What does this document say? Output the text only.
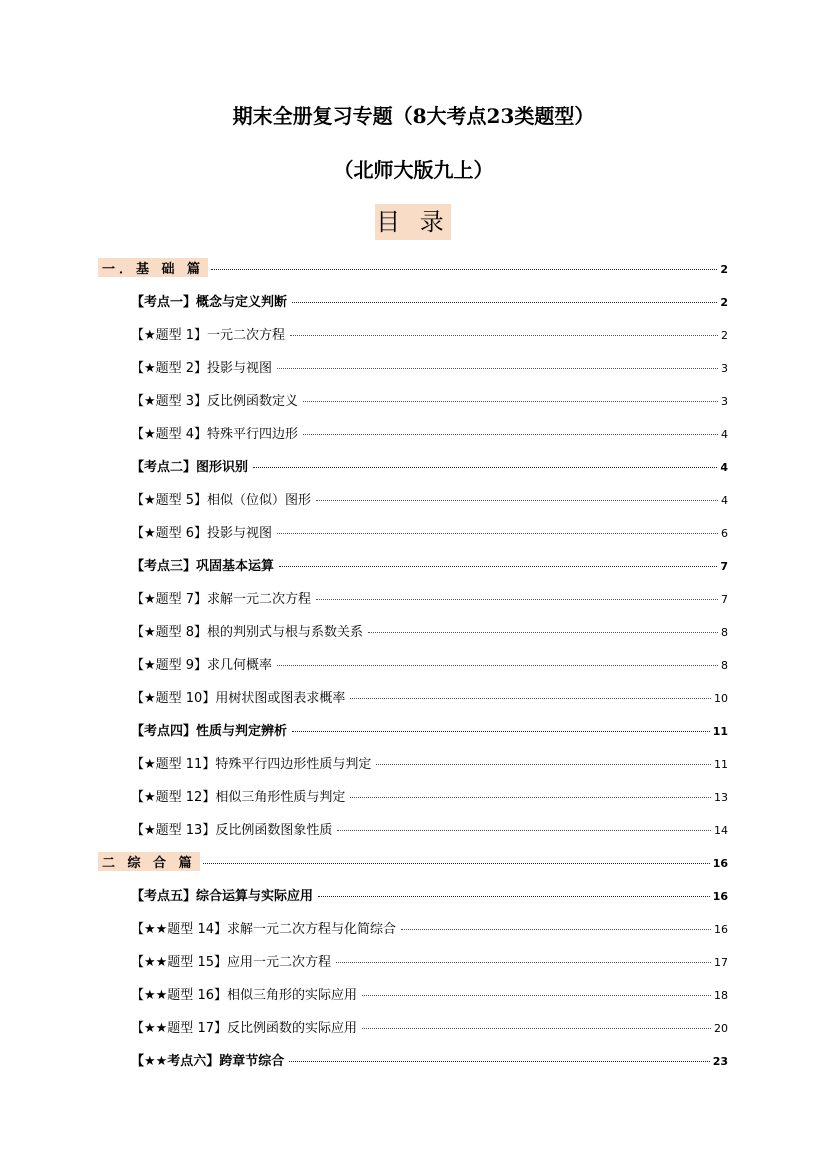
期末全册复习专题（8大考点23类题型）
（北师大版九上）
目 录
一．基 础 篇	2
【考点一】概念与定义判断	2
【★题型 1】一元二次方程	2
【★题型 2】投影与视图	3
【★题型 3】反比例函数定义	3
【★题型 4】特殊平行四边形	4
【考点二】图形识别	4
【★题型 5】相似（位似）图形	4
【★题型 6】投影与视图	6
【考点三】巩固基本运算	7
【★题型 7】求解一元二次方程	7
【★题型 8】根的判别式与根与系数关系	8
【★题型 9】求几何概率	8
【★题型 10】用树状图或图表求概率	10
【考点四】性质与判定辨析	11
【★题型 11】特殊平行四边形性质与判定	11
【★题型 12】相似三角形性质与判定	13
【★题型 13】反比例函数图象性质	14
二 综 合 篇	16
【考点五】综合运算与实际应用	16
【★★题型 14】求解一元二次方程与化简综合	16
【★★题型 15】应用一元二次方程	17
【★★题型 16】相似三角形的实际应用	18
【★★题型 17】反比例函数的实际应用	20
【★★考点六】跨章节综合	23
